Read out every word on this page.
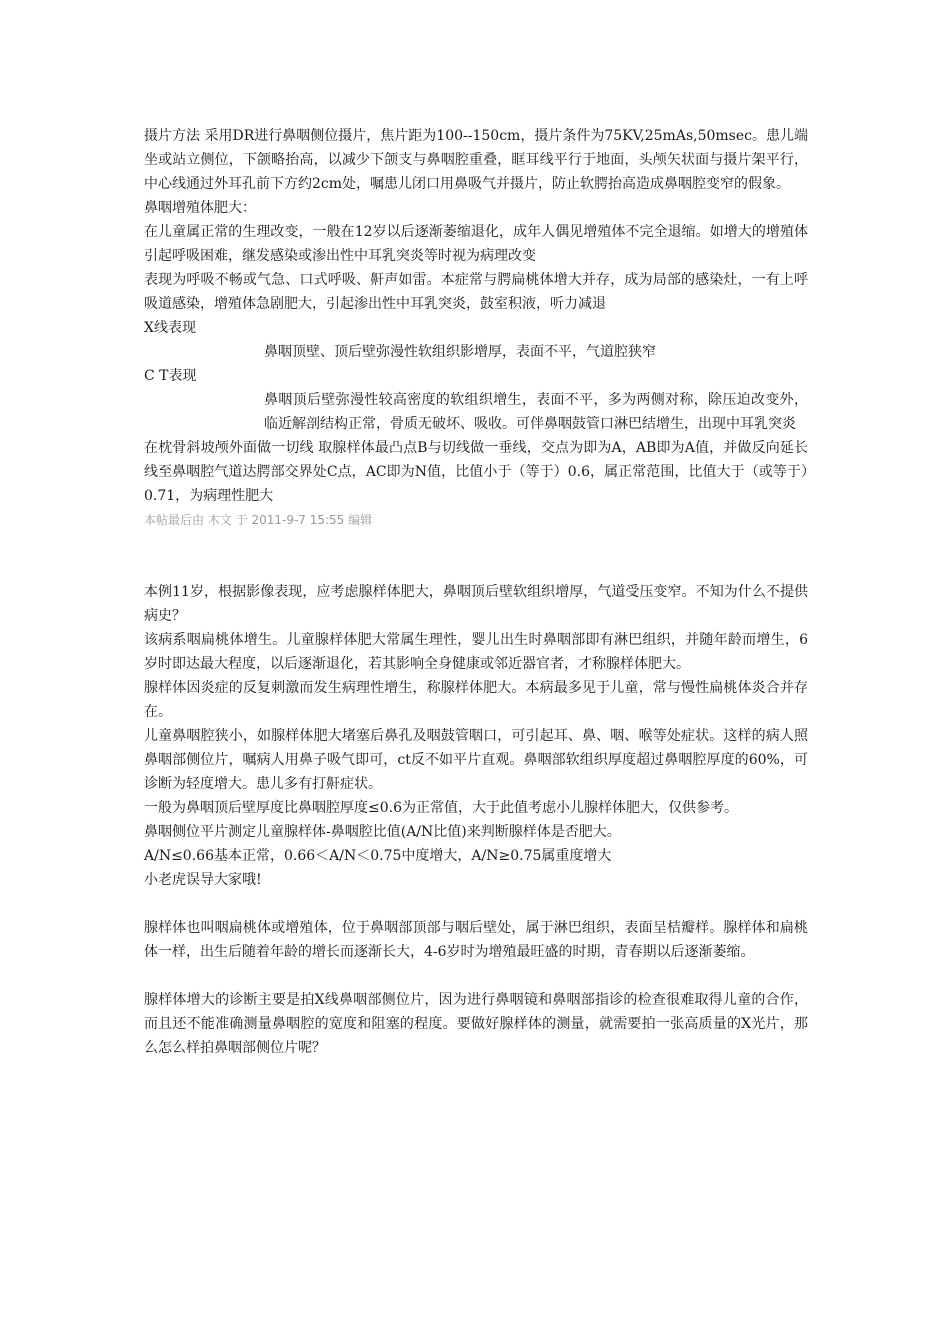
摄片方法 采用DR进行鼻咽侧位摄片，焦片距为100--150cm，摄片条件为75KV,25mAs,50msec。患儿端坐或站立侧位，下颌略抬高，以减少下颌支与鼻咽腔重叠，眶耳线平行于地面，头颅矢状面与摄片架平行，中心线通过外耳孔前下方约2cm处，嘱患儿闭口用鼻吸气并摄片，防止软腭抬高造成鼻咽腔变窄的假象。

鼻咽增殖体肥大：

在儿童属正常的生理改变，一般在12岁以后逐渐萎缩退化，成年人偶见增殖体不完全退缩。如增大的增殖体引起呼吸困难，继发感染或渗出性中耳乳突炎等时视为病理改变

表现为呼吸不畅或气急、口式呼吸、鼾声如雷。本症常与腭扁桃体增大并存，成为局部的感染灶，一有上呼吸道感染，增殖体急剧肥大，引起渗出性中耳乳突炎，鼓室积液，听力减退

X线表现

鼻咽顶壁、顶后壁弥漫性软组织影增厚，表面不平，气道腔狭窄

C T表现

鼻咽顶后壁弥漫性较高密度的软组织增生，表面不平，多为两侧对称，除压迫改变外，临近解剖结构正常，骨质无破坏、吸收。可伴鼻咽鼓管口淋巴结增生，出现中耳乳突炎

在枕骨斜坡颅外面做一切线 取腺样体最凸点B与切线做一垂线，交点为即为A，AB即为A值，并做反向延长线至鼻咽腔气道达腭部交界处C点，AC即为N值，比值小于（等于）0.6，属正常范围，比值大于（或等于）0.71，为病理性肥大

本帖最后由 木文 于 2011-9-7 15:55 编辑

本例11岁，根据影像表现，应考虑腺样体肥大，鼻咽顶后壁软组织增厚，气道受压变窄。不知为什么不提供病史？

该病系咽扁桃体增生。儿童腺样体肥大常属生理性，婴儿出生时鼻咽部即有淋巴组织，并随年龄而增生，6岁时即达最大程度，以后逐渐退化，若其影响全身健康或邻近器官者，才称腺样体肥大。

腺样体因炎症的反复刺激而发生病理性增生，称腺样体肥大。本病最多见于儿童，常与慢性扁桃体炎合并存在。

儿童鼻咽腔狭小，如腺样体肥大堵塞后鼻孔及咽鼓管咽口，可引起耳、鼻、咽、喉等处症状。这样的病人照鼻咽部侧位片，嘱病人用鼻子吸气即可，ct反不如平片直观。鼻咽部软组织厚度超过鼻咽腔厚度的60%，可诊断为轻度增大。患儿多有打鼾症状。

一般为鼻咽顶后壁厚度比鼻咽腔厚度≤0.6为正常值，大于此值考虑小儿腺样体肥大，仅供参考。

鼻咽侧位平片测定儿童腺样体-鼻咽腔比值(A/N比值)来判断腺样体是否肥大。

A/N≤0.66基本正常，0.66＜A/N＜0.75中度增大，A/N≥0.75属重度增大

小老虎误导大家哦!

腺样体也叫咽扁桃体或增殖体，位于鼻咽部顶部与咽后壁处，属于淋巴组织，表面呈桔瓣样。腺样体和扁桃体一样，出生后随着年龄的增长而逐渐长大，4-6岁时为增殖最旺盛的时期，青春期以后逐渐萎缩。

腺样体增大的诊断主要是拍X线鼻咽部侧位片，因为进行鼻咽镜和鼻咽部指诊的检查很难取得儿童的合作，而且还不能准确测量鼻咽腔的宽度和阻塞的程度。要做好腺样体的测量，就需要拍一张高质量的X光片，那么怎么样拍鼻咽部侧位片呢？
